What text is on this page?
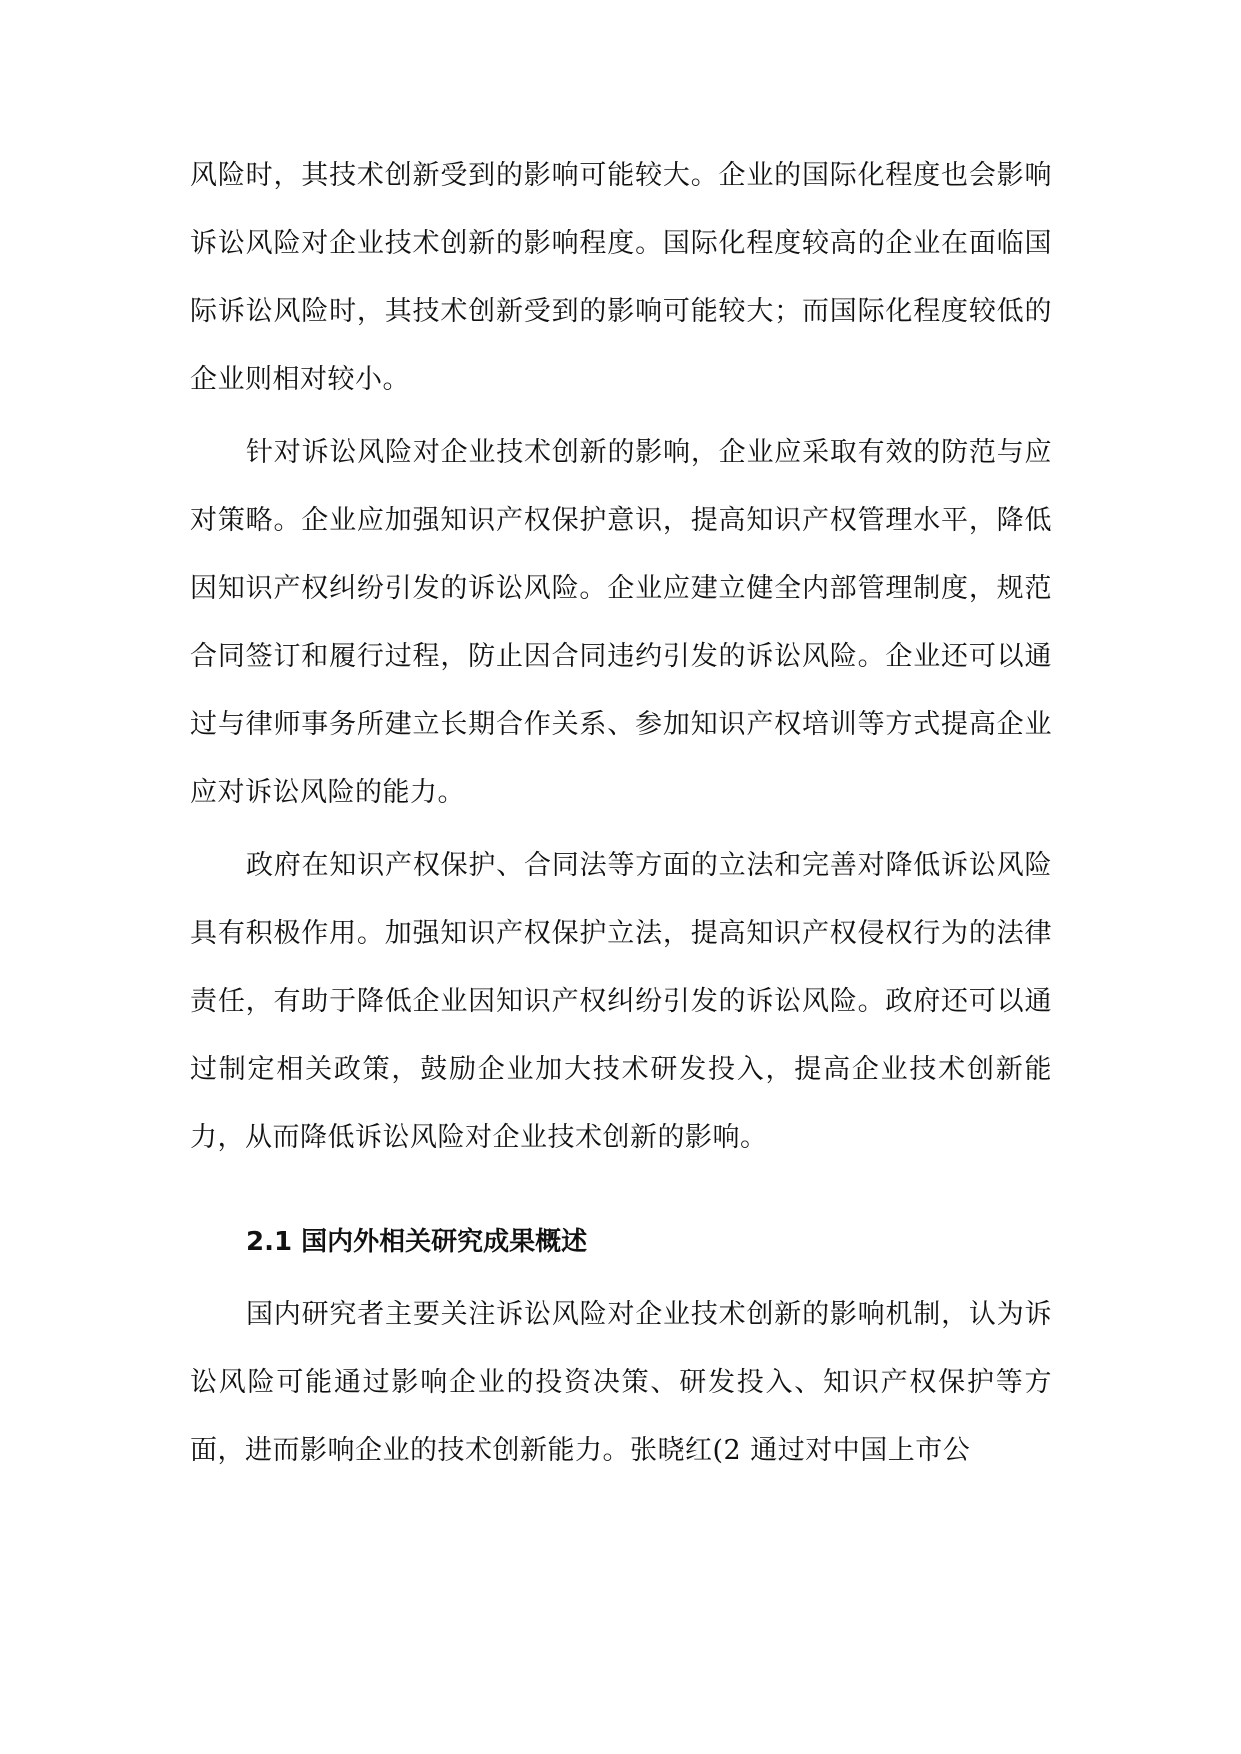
风险时，其技术创新受到的影响可能较大。企业的国际化程度也会影响诉讼风险对企业技术创新的影响程度。国际化程度较高的企业在面临国际诉讼风险时，其技术创新受到的影响可能较大；而国际化程度较低的企业则相对较小。

针对诉讼风险对企业技术创新的影响，企业应采取有效的防范与应对策略。企业应加强知识产权保护意识，提高知识产权管理水平，降低因知识产权纠纷引发的诉讼风险。企业应建立健全内部管理制度，规范合同签订和履行过程，防止因合同违约引发的诉讼风险。企业还可以通过与律师事务所建立长期合作关系、参加知识产权培训等方式提高企业应对诉讼风险的能力。

政府在知识产权保护、合同法等方面的立法和完善对降低诉讼风险具有积极作用。加强知识产权保护立法，提高知识产权侵权行为的法律责任，有助于降低企业因知识产权纠纷引发的诉讼风险。政府还可以通过制定相关政策，鼓励企业加大技术研发投入，提高企业技术创新能力，从而降低诉讼风险对企业技术创新的影响。

2.1 国内外相关研究成果概述

国内研究者主要关注诉讼风险对企业技术创新的影响机制，认为诉讼风险可能通过影响企业的投资决策、研发投入、知识产权保护等方面，进而影响企业的技术创新能力。张晓红(2 通过对中国上市公
